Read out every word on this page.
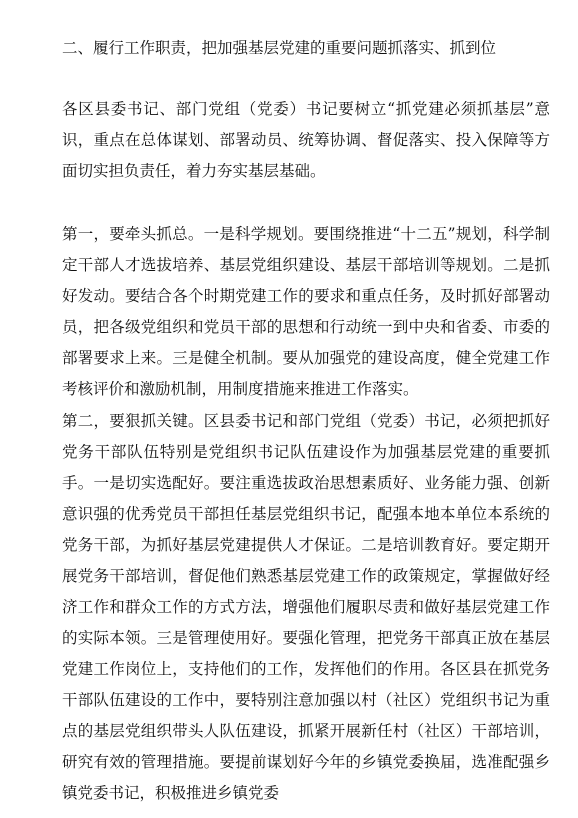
二、履行工作职责，把加强基层党建的重要问题抓落实、抓到位

各区县委书记、部门党组（党委）书记要树立“抓党建必须抓基层”意识，重点在总体谋划、部署动员、统筹协调、督促落实、投入保障等方面切实担负责任，着力夯实基层基础。

第一，要牵头抓总。一是科学规划。要围绕推进“十二五”规划，科学制定干部人才选拔培养、基层党组织建设、基层干部培训等规划。二是抓好发动。要结合各个时期党建工作的要求和重点任务，及时抓好部署动员，把各级党组织和党员干部的思想和行动统一到中央和省委、市委的部署要求上来。三是健全机制。要从加强党的建设高度，健全党建工作考核评价和激励机制，用制度措施来推进工作落实。

第二，要狠抓关键。区县委书记和部门党组（党委）书记，必须把抓好党务干部队伍特别是党组织书记队伍建设作为加强基层党建的重要抓手。一是切实选配好。要注重选拔政治思想素质好、业务能力强、创新意识强的优秀党员干部担任基层党组织书记，配强本地本单位本系统的党务干部，为抓好基层党建提供人才保证。二是培训教育好。要定期开展党务干部培训，督促他们熟悉基层党建工作的政策规定，掌握做好经济工作和群众工作的方式方法，增强他们履职尽责和做好基层党建工作的实际本领。三是管理使用好。要强化管理，把党务干部真正放在基层党建工作岗位上，支持他们的工作，发挥他们的作用。各区县在抓党务干部队伍建设的工作中，要特别注意加强以村（社区）党组织书记为重点的基层党组织带头人队伍建设，抓紧开展新任村（社区）干部培训，研究有效的管理措施。要提前谋划好今年的乡镇党委换届，选准配强乡镇党委书记，积极推进乡镇党委
